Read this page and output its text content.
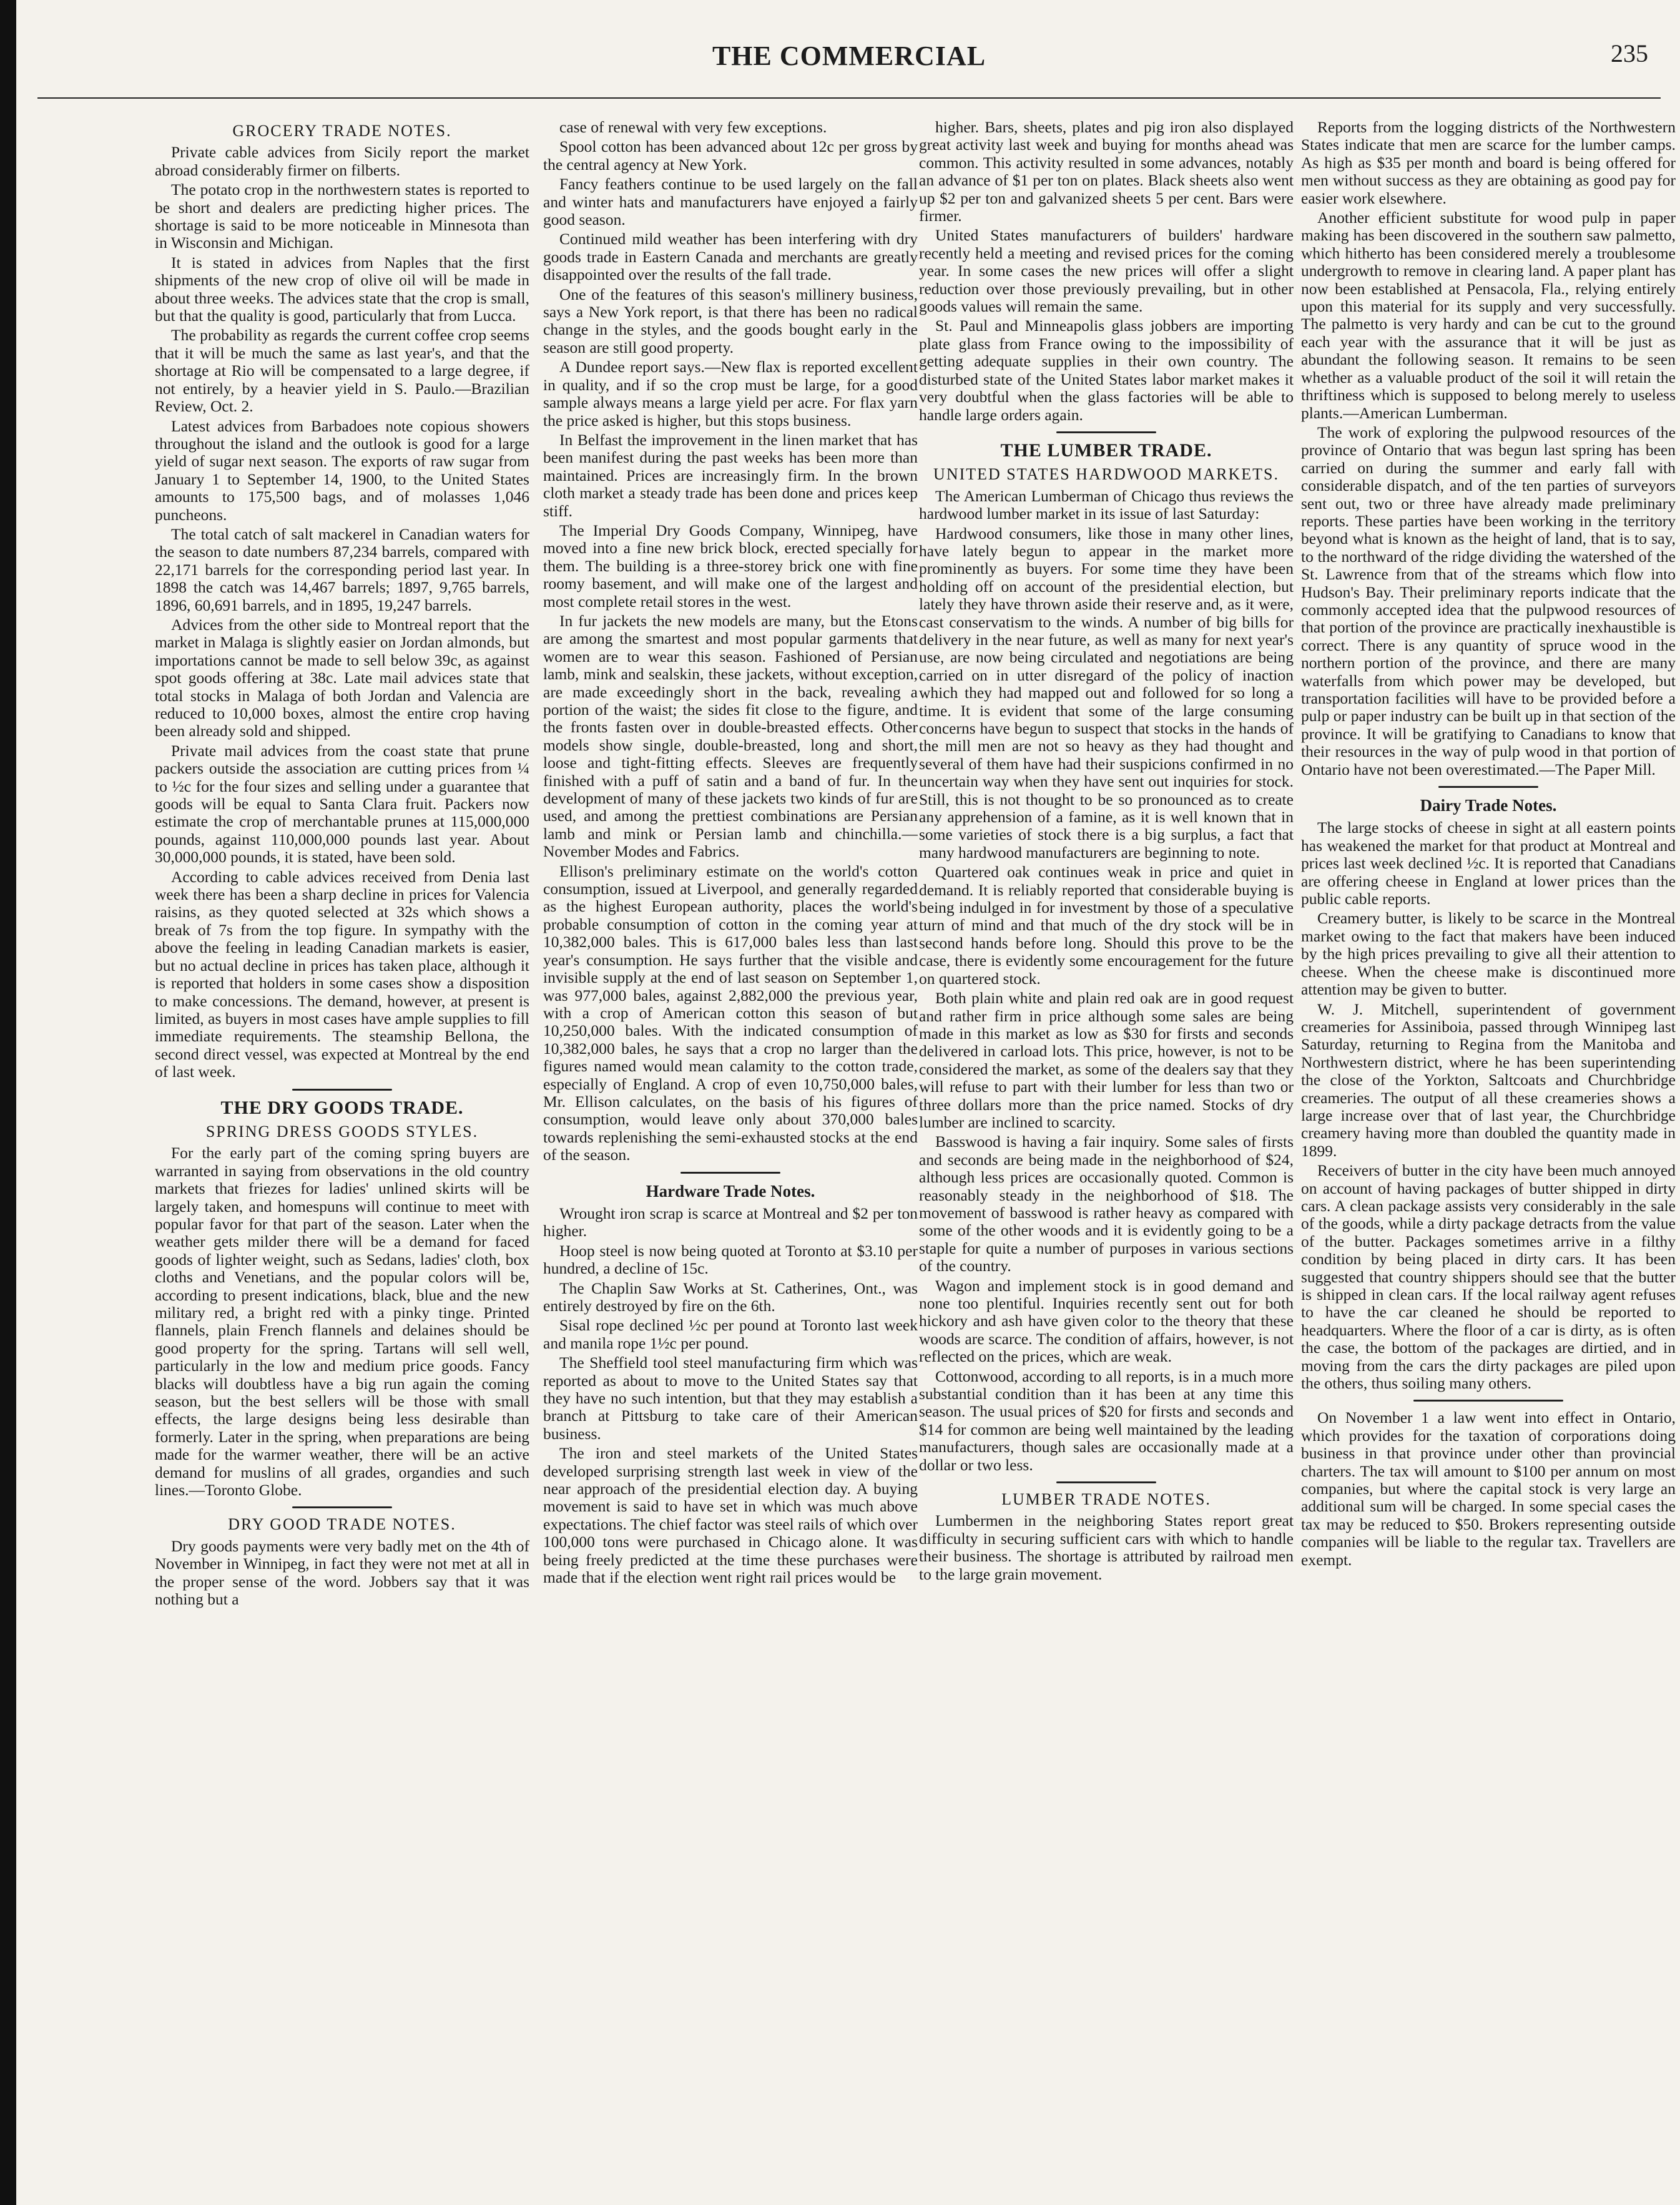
THE COMMERCIAL	235
GROCERY TRADE NOTES.

Private cable advices from Sicily report the market abroad considerably firmer on filberts.

The potato crop in the northwestern states is reported to be short and dealers are predicting higher prices. The shortage is said to be more noticeable in Minnesota than in Wisconsin and Michigan.

It is stated in advices from Naples that the first shipments of the new crop of olive oil will be made in about three weeks. The advices state that the crop is small, but that the quality is good, particularly that from Lucca.

The probability as regards the current coffee crop seems that it will be much the same as last year's, and that the shortage at Rio will be compensated to a large degree, if not entirely, by a heavier yield in S. Paulo.—Brazilian Review, Oct. 2.

Latest advices from Barbadoes note copious showers throughout the island and the outlook is good for a large yield of sugar next season. The exports of raw sugar from January 1 to September 14, 1900, to the United States amounts to 175,500 bags, and of molasses 1,046 puncheons.

The total catch of salt mackerel in Canadian waters for the season to date numbers 87,234 barrels, compared with 22,171 barrels for the corresponding period last year. In 1898 the catch was 14,467 barrels; 1897, 9,765 barrels, 1896, 60,691 barrels, and in 1895, 19,247 barrels.

Advices from the other side to Montreal report that the market in Malaga is slightly easier on Jordan almonds, but importations cannot be made to sell below 39c, as against spot goods offering at 38c. Late mail advices state that total stocks in Malaga of both Jordan and Valencia are reduced to 10,000 boxes, almost the entire crop having been already sold and shipped.

Private mail advices from the coast state that prune packers outside the association are cutting prices from ¼ to ½c for the four sizes and selling under a guarantee that goods will be equal to Santa Clara fruit. Packers now estimate the crop of merchantable prunes at 115,000,000 pounds, against 110,000,000 pounds last year. About 30,000,000 pounds, it is stated, have been sold.

According to cable advices received from Denia last week there has been a sharp decline in prices for Valencia raisins, as they quoted selected at 32s which shows a break of 7s from the top figure. In sympathy with the above the feeling in leading Canadian markets is easier, but no actual decline in prices has taken place, although it is reported that holders in some cases show a disposition to make concessions. The demand, however, at present is limited, as buyers in most cases have ample supplies to fill immediate requirements. The steamship Bellona, the second direct vessel, was expected at Montreal by the end of last week.

THE DRY GOODS TRADE.
SPRING DRESS GOODS STYLES.

For the early part of the coming spring buyers are warranted in saying from observations in the old country markets that friezes for ladies' unlined skirts will be largely taken, and homespuns will continue to meet with popular favor for that part of the season. Later when the weather gets milder there will be a demand for faced goods of lighter weight, such as Sedans, ladies' cloth, box cloths and Venetians, and the popular colors will be, according to present indications, black, blue and the new military red, a bright red with a pinky tinge. Printed flannels, plain French flannels and delaines should be good property for the spring. Tartans will sell well, particularly in the low and medium price goods. Fancy blacks will doubtless have a big run again the coming season, but the best sellers will be those with small effects, the large designs being less desirable than formerly. Later in the spring, when preparations are being made for the warmer weather, there will be an active demand for muslins of all grades, organdies and such lines.—Toronto Globe.

DRY GOOD TRADE NOTES.

Dry goods payments were very badly met on the 4th of November in Winnipeg, in fact they were not met at all in the proper sense of the word. Jobbers say that it was nothing but a

case of renewal with very few exceptions.

Spool cotton has been advanced about 12c per gross by the central agency at New York.

Fancy feathers continue to be used largely on the fall and winter hats and manufacturers have enjoyed a fairly good season.

Continued mild weather has been interfering with dry goods trade in Eastern Canada and merchants are greatly disappointed over the results of the fall trade.

One of the features of this season's millinery business, says a New York report, is that there has been no radical change in the styles, and the goods bought early in the season are still good property.

A Dundee report says.—New flax is reported excellent in quality, and if so the crop must be large, for a good sample always means a large yield per acre. For flax yarn the price asked is higher, but this stops business.

In Belfast the improvement in the linen market that has been manifest during the past weeks has been more than maintained. Prices are increasingly firm. In the brown cloth market a steady trade has been done and prices keep stiff.

The Imperial Dry Goods Company, Winnipeg, have moved into a fine new brick block, erected specially for them. The building is a three-storey brick one with fine roomy basement, and will make one of the largest and most complete retail stores in the west.

In fur jackets the new models are many, but the Etons are among the smartest and most popular garments that women are to wear this season. Fashioned of Persian lamb, mink and sealskin, these jackets, without exception, are made exceedingly short in the back, revealing a portion of the waist; the sides fit close to the figure, and the fronts fasten over in double-breasted effects. Other models show single, double-breasted, long and short, loose and tight-fitting effects. Sleeves are frequently finished with a puff of satin and a band of fur. In the development of many of these jackets two kinds of fur are used, and among the prettiest combinations are Persian lamb and mink or Persian lamb and chinchilla.—November Modes and Fabrics.

Ellison's preliminary estimate on the world's cotton consumption, issued at Liverpool, and generally regarded as the highest European authority, places the world's probable consumption of cotton in the coming year at 10,382,000 bales. This is 617,000 bales less than last year's consumption. He says further that the visible and invisible supply at the end of last season on September 1, was 977,000 bales, against 2,882,000 the previous year, with a crop of American cotton this season of but 10,250,000 bales. With the indicated consumption of 10,382,000 bales, he says that a crop no larger than the figures named would mean calamity to the cotton trade, especially of England. A crop of even 10,750,000 bales, Mr. Ellison calculates, on the basis of his figures of consumption, would leave only about 370,000 bales towards replenishing the semi-exhausted stocks at the end of the season.

Hardware Trade Notes.

Wrought iron scrap is scarce at Montreal and $2 per ton higher.

Hoop steel is now being quoted at Toronto at $3.10 per hundred, a decline of 15c.

The Chaplin Saw Works at St. Catherines, Ont., was entirely destroyed by fire on the 6th.

Sisal rope declined ½c per pound at Toronto last week and manila rope 1½c per pound.

The Sheffield tool steel manufacturing firm which was reported as about to move to the United States say that they have no such intention, but that they may establish a branch at Pittsburg to take care of their American business.

The iron and steel markets of the United States developed surprising strength last week in view of the near approach of the presidential election day. A buying movement is said to have set in which was much above expectations. The chief factor was steel rails of which over 100,000 tons were purchased in Chicago alone. It was being freely predicted at the time these purchases were made that if the election went right rail prices would be

higher. Bars, sheets, plates and pig iron also displayed great activity last week and buying for months ahead was common. This activity resulted in some advances, notably an advance of $1 per ton on plates. Black sheets also went up $2 per ton and galvanized sheets 5 per cent. Bars were firmer.

United States manufacturers of builders' hardware recently held a meeting and revised prices for the coming year. In some cases the new prices will offer a slight reduction over those previously prevailing, but in other goods values will remain the same.

St. Paul and Minneapolis glass jobbers are importing plate glass from France owing to the impossibility of getting adequate supplies in their own country. The disturbed state of the United States labor market makes it very doubtful when the glass factories will be able to handle large orders again.

THE LUMBER TRADE.
UNITED STATES HARDWOOD MARKETS.

The American Lumberman of Chicago thus reviews the hardwood lumber market in its issue of last Saturday:

Hardwood consumers, like those in many other lines, have lately begun to appear in the market more prominently as buyers. For some time they have been holding off on account of the presidential election, but lately they have thrown aside their reserve and, as it were, cast conservatism to the winds. A number of big bills for delivery in the near future, as well as many for next year's use, are now being circulated and negotiations are being carried on in utter disregard of the policy of inaction which they had mapped out and followed for so long a time. It is evident that some of the large consuming concerns have begun to suspect that stocks in the hands of the mill men are not so heavy as they had thought and several of them have had their suspicions confirmed in no uncertain way when they have sent out inquiries for stock. Still, this is not thought to be so pronounced as to create any apprehension of a famine, as it is well known that in some varieties of stock there is a big surplus, a fact that many hardwood manufacturers are beginning to note.

Quartered oak continues weak in price and quiet in demand. It is reliably reported that considerable buying is being indulged in for investment by those of a speculative turn of mind and that much of the dry stock will be in second hands before long. Should this prove to be the case, there is evidently some encouragement for the future on quartered stock.

Both plain white and plain red oak are in good request and rather firm in price although some sales are being made in this market as low as $30 for firsts and seconds delivered in carload lots. This price, however, is not to be considered the market, as some of the dealers say that they will refuse to part with their lumber for less than two or three dollars more than the price named. Stocks of dry lumber are inclined to scarcity.

Basswood is having a fair inquiry. Some sales of firsts and seconds are being made in the neighborhood of $24, although less prices are occasionally quoted. Common is reasonably steady in the neighborhood of $18. The movement of basswood is rather heavy as compared with some of the other woods and it is evidently going to be a staple for quite a number of purposes in various sections of the country.

Wagon and implement stock is in good demand and none too plentiful. Inquiries recently sent out for both hickory and ash have given color to the theory that these woods are scarce. The condition of affairs, however, is not reflected on the prices, which are weak.

Cottonwood, according to all reports, is in a much more substantial condition than it has been at any time this season. The usual prices of $20 for firsts and seconds and $14 for common are being well maintained by the leading manufacturers, though sales are occasionally made at a dollar or two less.

LUMBER TRADE NOTES.

Lumbermen in the neighboring States report great difficulty in securing sufficient cars with which to handle their business. The shortage is attributed by railroad men to the large grain movement.

Reports from the logging districts of the Northwestern States indicate that men are scarce for the lumber camps. As high as $35 per month and board is being offered for men without success as they are obtaining as good pay for easier work elsewhere.

Another efficient substitute for wood pulp in paper making has been discovered in the southern saw palmetto, which hitherto has been considered merely a troublesome undergrowth to remove in clearing land. A paper plant has now been established at Pensacola, Fla., relying entirely upon this material for its supply and very successfully. The palmetto is very hardy and can be cut to the ground each year with the assurance that it will be just as abundant the following season. It remains to be seen whether as a valuable product of the soil it will retain the thriftiness which is supposed to belong merely to useless plants.—American Lumberman.

The work of exploring the pulpwood resources of the province of Ontario that was begun last spring has been carried on during the summer and early fall with considerable dispatch, and of the ten parties of surveyors sent out, two or three have already made preliminary reports. These parties have been working in the territory beyond what is known as the height of land, that is to say, to the northward of the ridge dividing the watershed of the St. Lawrence from that of the streams which flow into Hudson's Bay. Their preliminary reports indicate that the commonly accepted idea that the pulpwood resources of that portion of the province are practically inexhaustible is correct. There is any quantity of spruce wood in the northern portion of the province, and there are many waterfalls from which power may be developed, but transportation facilities will have to be provided before a pulp or paper industry can be built up in that section of the province. It will be gratifying to Canadians to know that their resources in the way of pulp wood in that portion of Ontario have not been overestimated.—The Paper Mill.

Dairy Trade Notes.

The large stocks of cheese in sight at all eastern points has weakened the market for that product at Montreal and prices last week declined ½c. It is reported that Canadians are offering cheese in England at lower prices than the public cable reports.

Creamery butter, is likely to be scarce in the Montreal market owing to the fact that makers have been induced by the high prices prevailing to give all their attention to cheese. When the cheese make is discontinued more attention may be given to butter.

W. J. Mitchell, superintendent of government creameries for Assiniboia, passed through Winnipeg last Saturday, returning to Regina from the Manitoba and Northwestern district, where he has been superintending the close of the Yorkton, Saltcoats and Churchbridge creameries. The output of all these creameries shows a large increase over that of last year, the Churchbridge creamery having more than doubled the quantity made in 1899.

Receivers of butter in the city have been much annoyed on account of having packages of butter shipped in dirty cars. A clean package assists very considerably in the sale of the goods, while a dirty package detracts from the value of the butter. Packages sometimes arrive in a filthy condition by being placed in dirty cars. It has been suggested that country shippers should see that the butter is shipped in clean cars. If the local railway agent refuses to have the car cleaned he should be reported to headquarters. Where the floor of a car is dirty, as is often the case, the bottom of the packages are dirtied, and in moving from the cars the dirty packages are piled upon the others, thus soiling many others.

On November 1 a law went into effect in Ontario, which provides for the taxation of corporations doing business in that province under other than provincial charters. The tax will amount to $100 per annum on most companies, but where the capital stock is very large an additional sum will be charged. In some special cases the tax may be reduced to $50. Brokers representing outside companies will be liable to the regular tax. Travellers are exempt.
